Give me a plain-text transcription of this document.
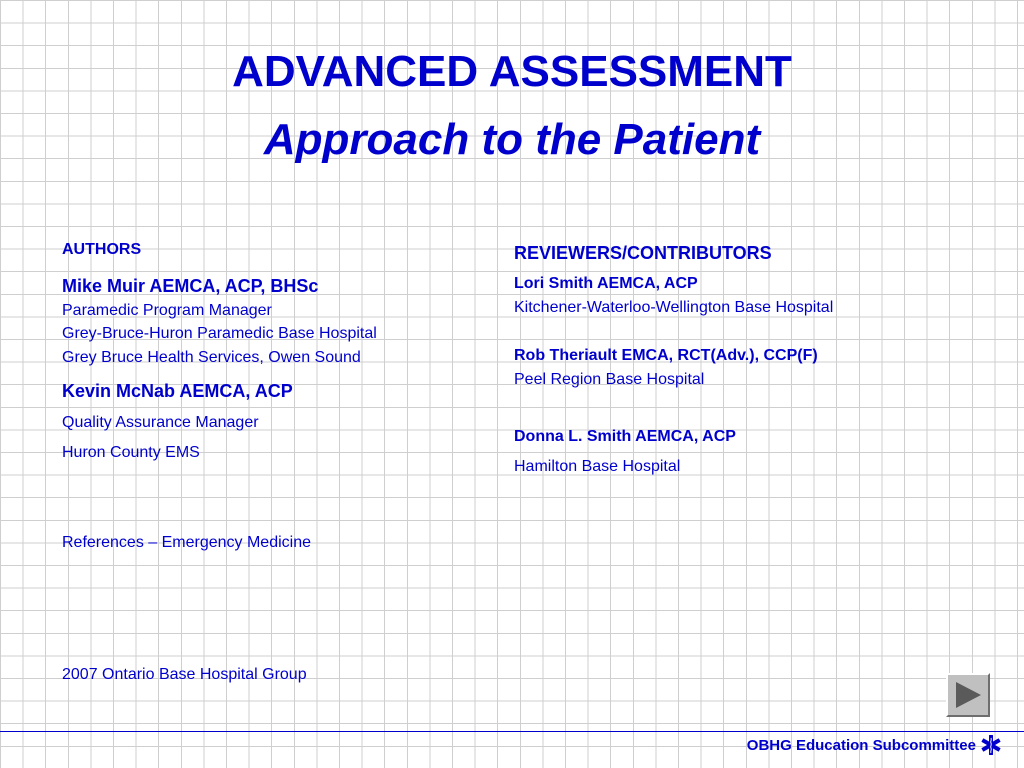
ADVANCED ASSESSMENT
Approach to the Patient
AUTHORS
Mike Muir AEMCA, ACP, BHSc
Paramedic Program Manager
Grey-Bruce-Huron Paramedic Base Hospital
Grey Bruce Health Services, Owen Sound
Kevin McNab AEMCA, ACP
Quality Assurance Manager
Huron County EMS
References – Emergency Medicine
2007 Ontario Base Hospital Group
REVIEWERS/CONTRIBUTORS
Lori Smith AEMCA, ACP
Kitchener-Waterloo-Wellington Base Hospital
Rob Theriault EMCA, RCT(Adv.), CCP(F)
Peel Region Base Hospital
Donna L. Smith AEMCA, ACP
Hamilton Base Hospital
OBHG Education Subcommittee
